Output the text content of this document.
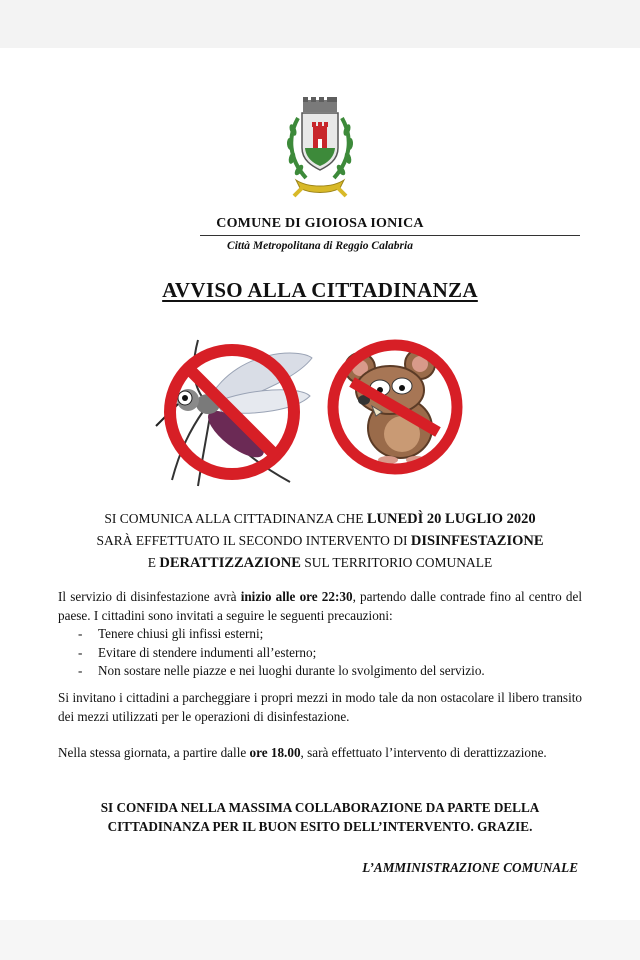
COMUNE DI GIOIOSA IONICA
Città Metropolitana di Reggio Calabria
AVVISO ALLA CITTADINANZA
SI COMUNICA ALLA CITTADINANZA CHE LUNEDÌ 20 LUGLIO 2020
SARÀ EFFETTUATO IL SECONDO INTERVENTO DI DISINFESTAZIONE
E DERATTIZZAZIONE SUL TERRITORIO COMUNALE
Il servizio di disinfestazione avrà inizio alle ore 22:30, partendo dalle contrade fino al centro del paese. I cittadini sono invitati a seguire le seguenti precauzioni:
- Tenere chiusi gli infissi esterni;
- Evitare di stendere indumenti all’esterno;
- Non sostare nelle piazze e nei luoghi durante lo svolgimento del servizio.
Si invitano i cittadini a parcheggiare i propri mezzi in modo tale da non ostacolare il libero transito dei mezzi utilizzati per le operazioni di disinfestazione.
Nella stessa giornata, a partire dalle ore 18.00, sarà effettuato l’intervento di derattizzazione.
SI CONFIDA NELLA MASSIMA COLLABORAZIONE DA PARTE DELLA
CITTADINANZA PER IL BUON ESITO DELL’INTERVENTO. GRAZIE.
L’AMMINISTRAZIONE COMUNALE
